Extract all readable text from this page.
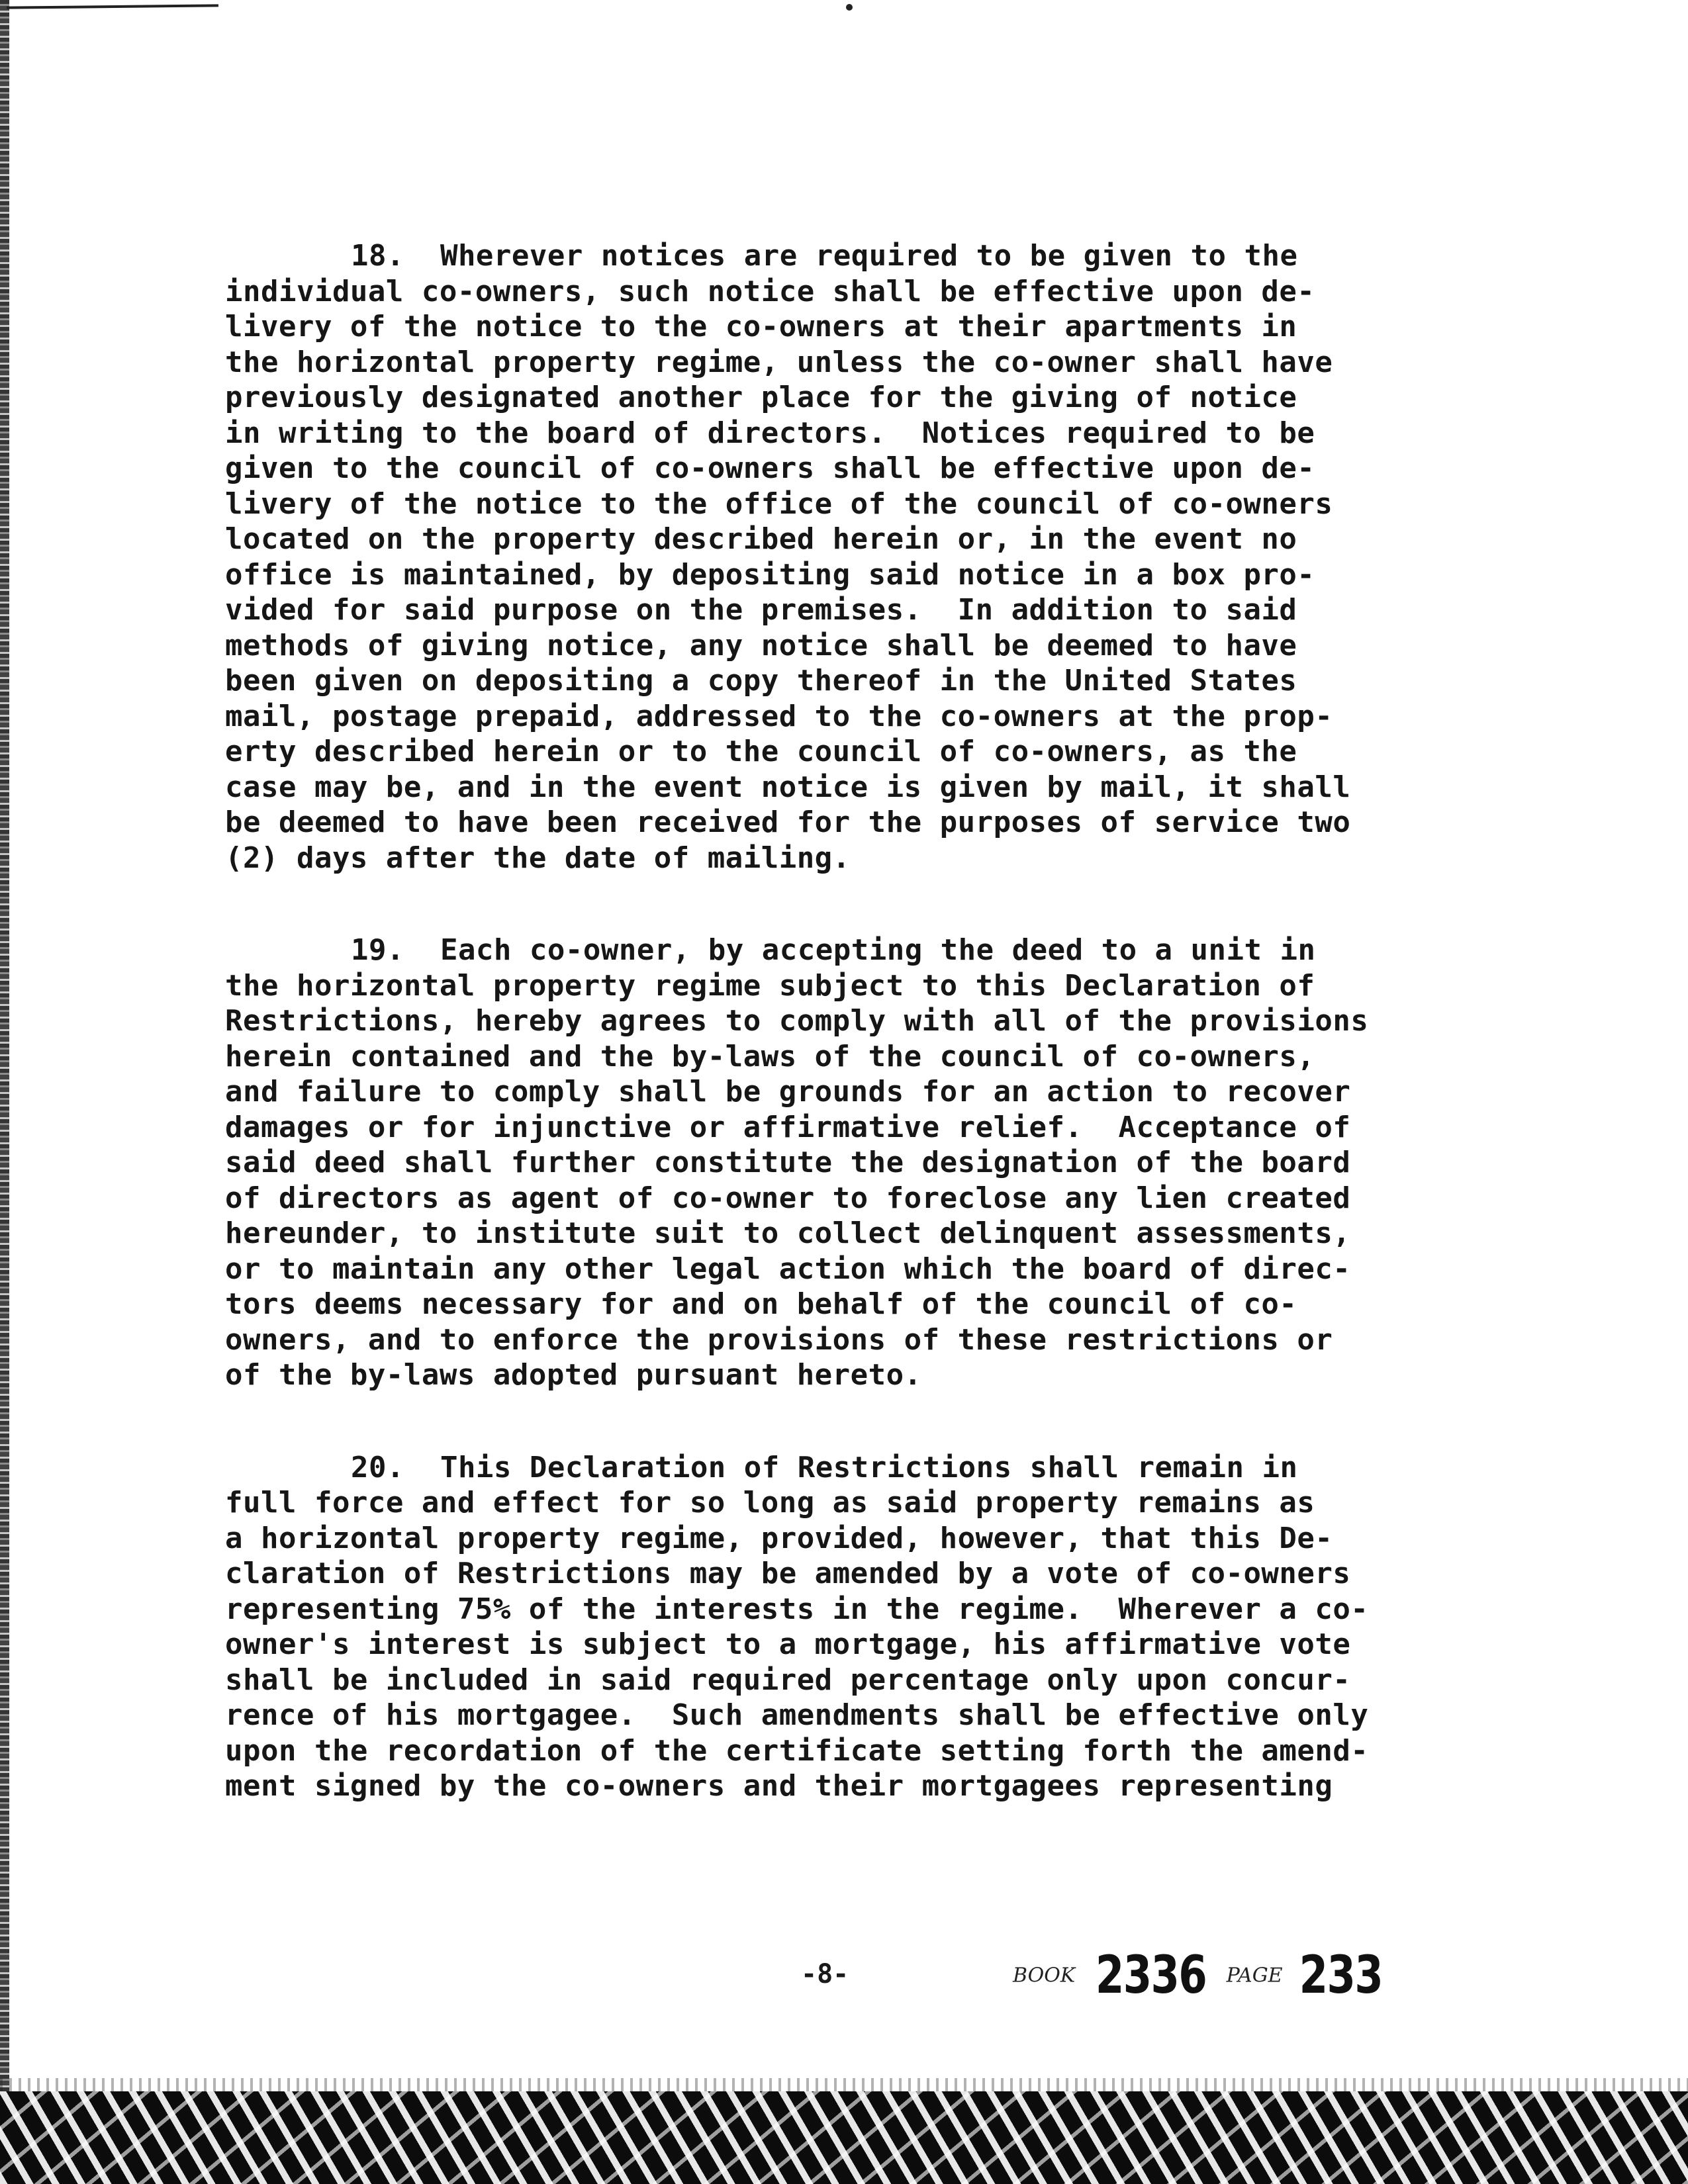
18.  Wherever notices are required to be given to the
individual co-owners, such notice shall be effective upon de-
livery of the notice to the co-owners at their apartments in
the horizontal property regime, unless the co-owner shall have
previously designated another place for the giving of notice
in writing to the board of directors.  Notices required to be
given to the council of co-owners shall be effective upon de-
livery of the notice to the office of the council of co-owners
located on the property described herein or, in the event no
office is maintained, by depositing said notice in a box pro-
vided for said purpose on the premises.  In addition to said
methods of giving notice, any notice shall be deemed to have
been given on depositing a copy thereof in the United States
mail, postage prepaid, addressed to the co-owners at the prop-
erty described herein or to the council of co-owners, as the
case may be, and in the event notice is given by mail, it shall
be deemed to have been received for the purposes of service two
(2) days after the date of mailing.
19.  Each co-owner, by accepting the deed to a unit in
the horizontal property regime subject to this Declaration of
Restrictions, hereby agrees to comply with all of the provisions
herein contained and the by-laws of the council of co-owners,
and failure to comply shall be grounds for an action to recover
damages or for injunctive or affirmative relief.  Acceptance of
said deed shall further constitute the designation of the board
of directors as agent of co-owner to foreclose any lien created
hereunder, to institute suit to collect delinquent assessments,
or to maintain any other legal action which the board of direc-
tors deems necessary for and on behalf of the council of co-
owners, and to enforce the provisions of these restrictions or
of the by-laws adopted pursuant hereto.
20.  This Declaration of Restrictions shall remain in
full force and effect for so long as said property remains as
a horizontal property regime, provided, however, that this De-
claration of Restrictions may be amended by a vote of co-owners
representing 75% of the interests in the regime.  Wherever a co-
owner's interest is subject to a mortgage, his affirmative vote
shall be included in said required percentage only upon concur-
rence of his mortgagee.  Such amendments shall be effective only
upon the recordation of the certificate setting forth the amend-
ment signed by the co-owners and their mortgagees representing
-8-	BOOK 2336 PAGE 233
